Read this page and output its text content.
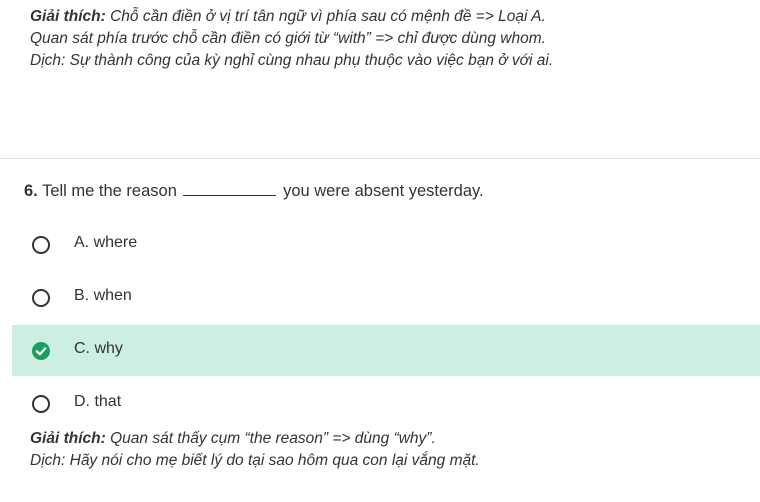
Giải thích: Chỗ cần điền ở vị trí tân ngữ vì phía sau có mệnh đề => Loại A.
Quan sát phía trước chỗ cần điền có giới từ “with” => chỉ được dùng whom.
Dịch: Sự thành công của kỳ nghỉ cùng nhau phụ thuộc vào việc bạn ở với ai.
6. Tell me the reason	you were absent yesterday.
A. where
B. when
C. why
D. that
Giải thích: Quan sát thấy cụm “the reason” => dùng “why”.
Dịch: Hãy nói cho mẹ biết lý do tại sao hôm qua con lại vắng mặt.
